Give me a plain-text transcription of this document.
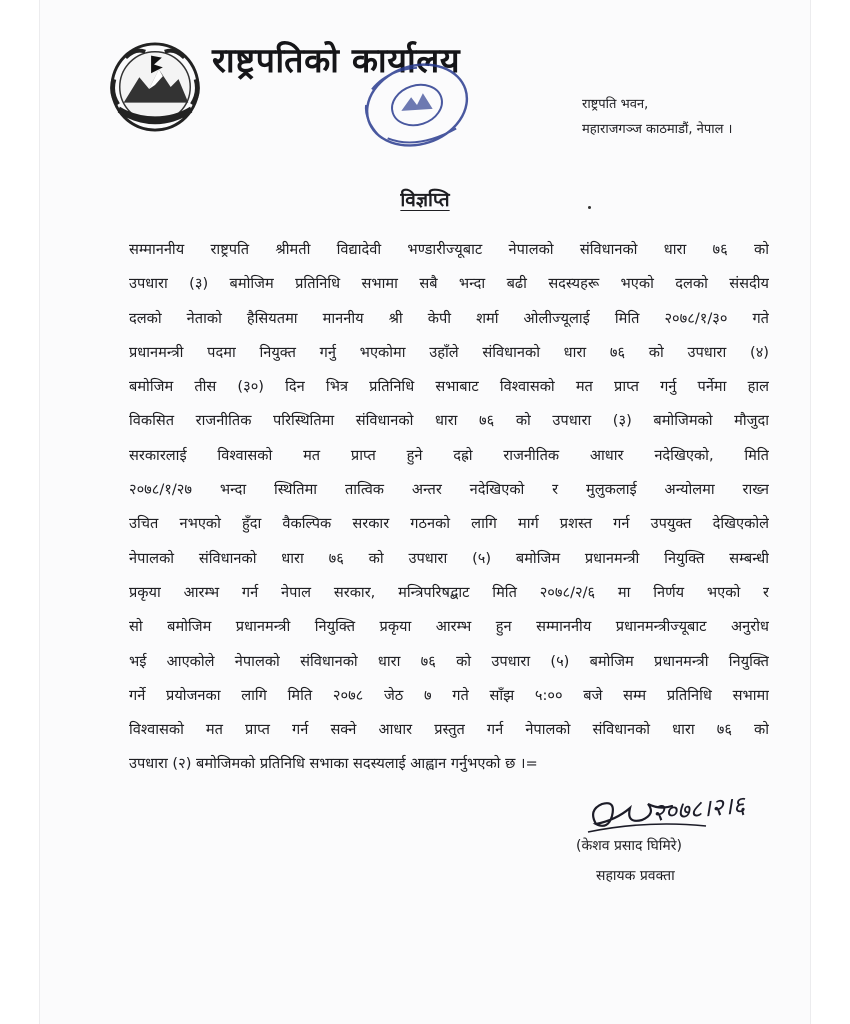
राष्ट्रपतिको कार्यालय
राष्ट्रपति भवन,
महाराजगञ्ज काठमाडौं, नेपाल ।
विज्ञप्ति
सम्माननीय राष्ट्रपति श्रीमती विद्यादेवी भण्डारीज्यूबाट नेपालको संविधानको धारा ७६ को
उपधारा (३) बमोजिम प्रतिनिधि सभामा सबै भन्दा बढी सदस्यहरू भएको दलको संसदीय
दलको नेताको हैसियतमा माननीय श्री केपी शर्मा ओलीज्यूलाई मिति २०७८/१/३० गते
प्रधानमन्त्री पदमा नियुक्त गर्नु भएकोमा उहाँले संविधानको धारा ७६ को उपधारा (४)
बमोजिम तीस (३०) दिन भित्र प्रतिनिधि सभाबाट विश्वासको मत प्राप्त गर्नु पर्नेमा हाल
विकसित राजनीतिक परिस्थितिमा संविधानको धारा ७६ को उपधारा (३) बमोजिमको मौजुदा
सरकारलाई विश्वासको मत प्राप्त हुने दह्रो राजनीतिक आधार नदेखिएको, मिति
२०७८/१/२७ भन्दा स्थितिमा तात्विक अन्तर नदेखिएको र मुलुकलाई अन्योलमा राख्न
उचित नभएको हुँदा वैकल्पिक सरकार गठनको लागि मार्ग प्रशस्त गर्न उपयुक्त देखिएकोले
नेपालको संविधानको धारा ७६ को उपधारा (५) बमोजिम प्रधानमन्त्री नियुक्ति सम्बन्धी
प्रकृया आरम्भ गर्न नेपाल सरकार, मन्त्रिपरिषद्बाट मिति २०७८/२/६ मा निर्णय भएको र
सो बमोजिम प्रधानमन्त्री नियुक्ति प्रकृया आरम्भ हुन सम्माननीय प्रधानमन्त्रीज्यूबाट अनुरोध
भई आएकोले नेपालको संविधानको धारा ७६ को उपधारा (५) बमोजिम प्रधानमन्त्री नियुक्ति
गर्ने प्रयोजनका लागि मिति २०७८ जेठ ७ गते साँझ ५:०० बजे सम्म प्रतिनिधि सभामा
विश्वासको मत प्राप्त गर्न सक्ने आधार प्रस्तुत गर्न नेपालको संविधानको धारा ७६ को
उपधारा (२) बमोजिमको प्रतिनिधि सभाका सदस्यलाई आह्वान गर्नुभएको छ ।=
२०७८।२।६
(केशव प्रसाद घिमिरे)
सहायक प्रवक्ता
